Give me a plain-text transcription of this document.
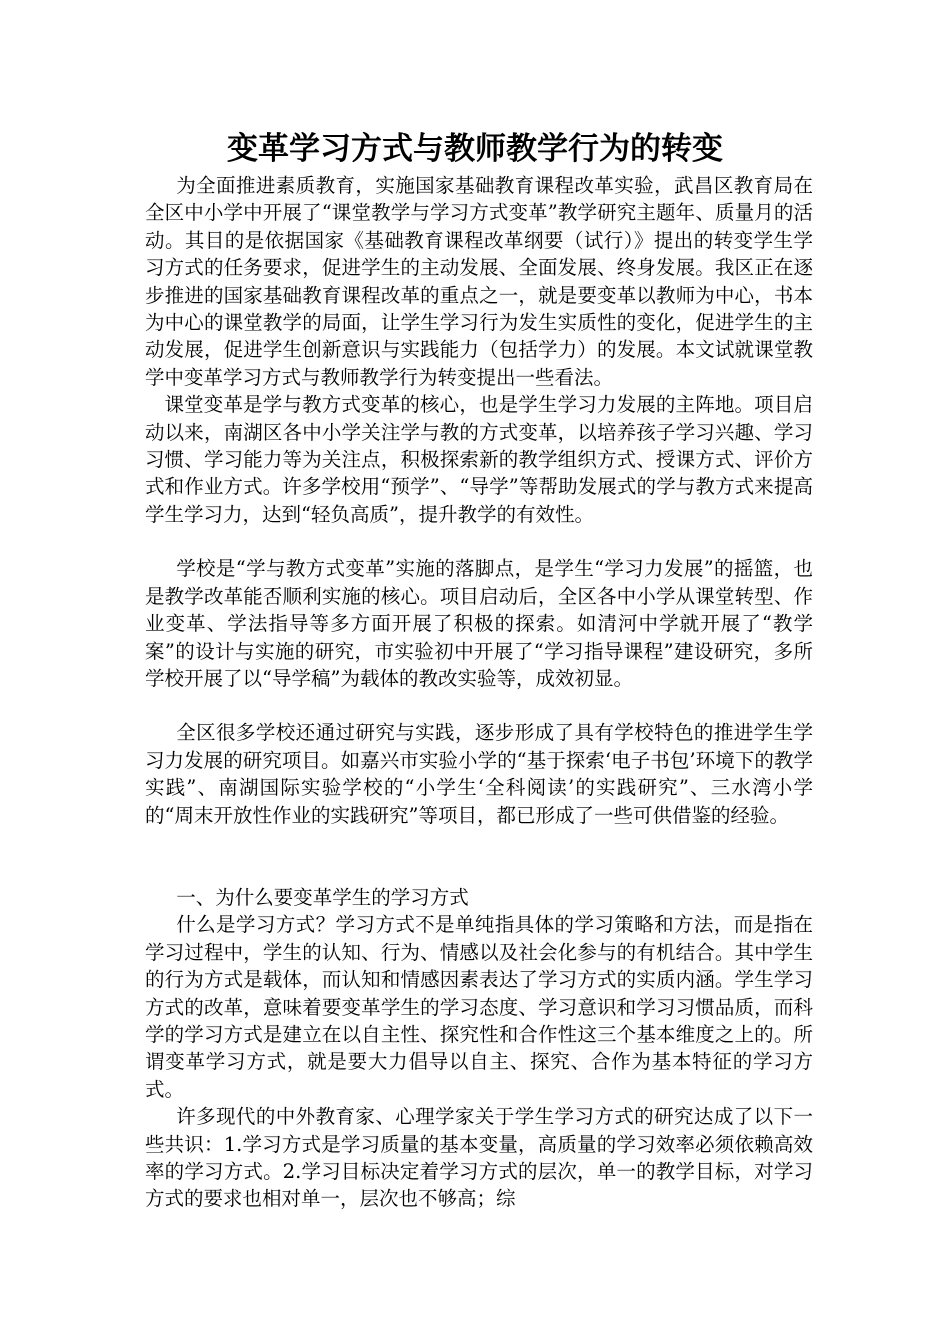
变革学习方式与教师教学行为的转变

为全面推进素质教育，实施国家基础教育课程改革实验，武昌区教育局在全区中小学中开展了“课堂教学与学习方式变革”教学研究主题年、质量月的活动。其目的是依据国家《基础教育课程改革纲要（试行）》提出的转变学生学习方式的任务要求，促进学生的主动发展、全面发展、终身发展。我区正在逐步推进的国家基础教育课程改革的重点之一，就是要变革以教师为中心，书本为中心的课堂教学的局面，让学生学习行为发生实质性的变化，促进学生的主动发展，促进学生创新意识与实践能力（包括学力）的发展。本文试就课堂教学中变革学习方式与教师教学行为转变提出一些看法。

课堂变革是学与教方式变革的核心，也是学生学习力发展的主阵地。项目启动以来，南湖区各中小学关注学与教的方式变革，以培养孩子学习兴趣、学习习惯、学习能力等为关注点，积极探索新的教学组织方式、授课方式、评价方式和作业方式。许多学校用“预学”、“导学”等帮助发展式的学与教方式来提高学生学习力，达到“轻负高质”，提升教学的有效性。

学校是“学与教方式变革”实施的落脚点，是学生“学习力发展”的摇篮，也是教学改革能否顺利实施的核心。项目启动后，全区各中小学从课堂转型、作业变革、学法指导等多方面开展了积极的探索。如清河中学就开展了“教学案”的设计与实施的研究，市实验初中开展了“学习指导课程”建设研究，多所学校开展了以“导学稿”为载体的教改实验等，成效初显。

全区很多学校还通过研究与实践，逐步形成了具有学校特色的推进学生学习力发展的研究项目。如嘉兴市实验小学的“基于探索‘电子书包’环境下的教学实践”、南湖国际实验学校的“小学生‘全科阅读’的实践研究”、三水湾小学的“周末开放性作业的实践研究”等项目，都已形成了一些可供借鉴的经验。

一、为什么要变革学生的学习方式

什么是学习方式？学习方式不是单纯指具体的学习策略和方法，而是指在学习过程中，学生的认知、行为、情感以及社会化参与的有机结合。其中学生的行为方式是载体，而认知和情感因素表达了学习方式的实质内涵。学生学习方式的改革，意味着要变革学生的学习态度、学习意识和学习习惯品质，而科学的学习方式是建立在以自主性、探究性和合作性这三个基本维度之上的。所谓变革学习方式，就是要大力倡导以自主、探究、合作为基本特征的学习方式。

许多现代的中外教育家、心理学家关于学生学习方式的研究达成了以下一些共识：1.学习方式是学习质量的基本变量，高质量的学习效率必须依赖高效率的学习方式。2.学习目标决定着学习方式的层次，单一的教学目标，对学习方式的要求也相对单一，层次也不够高；综
